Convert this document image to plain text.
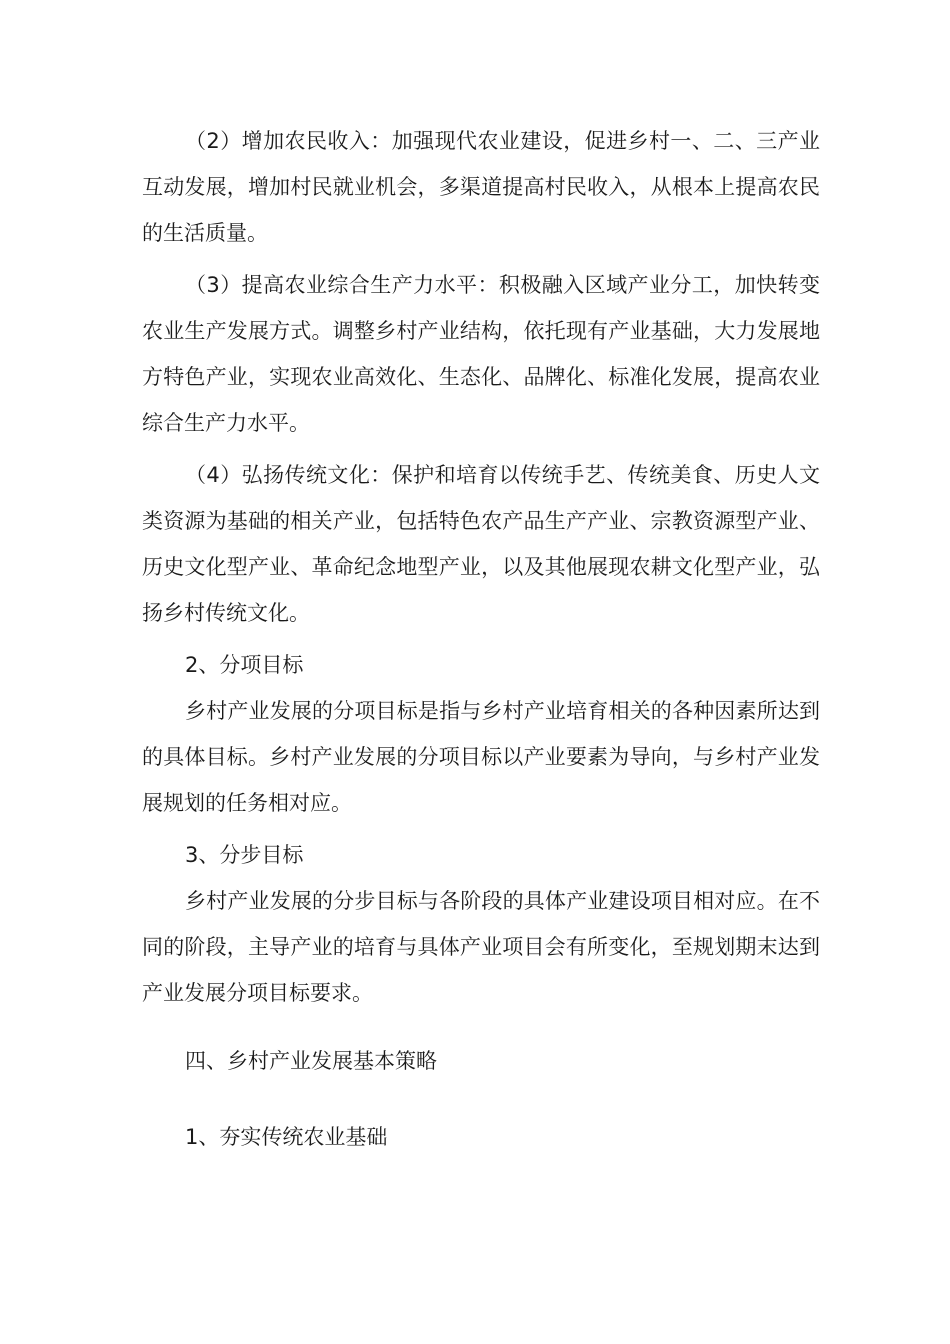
（2）增加农民收入：加强现代农业建设，促进乡村一、二、三产业互动发展，增加村民就业机会，多渠道提高村民收入，从根本上提高农民的生活质量。

（3）提高农业综合生产力水平：积极融入区域产业分工，加快转变农业生产发展方式。调整乡村产业结构，依托现有产业基础，大力发展地方特色产业，实现农业高效化、生态化、品牌化、标准化发展，提高农业综合生产力水平。

（4）弘扬传统文化：保护和培育以传统手艺、传统美食、历史人文类资源为基础的相关产业，包括特色农产品生产产业、宗教资源型产业、历史文化型产业、革命纪念地型产业，以及其他展现农耕文化型产业，弘扬乡村传统文化。

2、分项目标

乡村产业发展的分项目标是指与乡村产业培育相关的各种因素所达到的具体目标。乡村产业发展的分项目标以产业要素为导向，与乡村产业发展规划的任务相对应。

3、分步目标

乡村产业发展的分步目标与各阶段的具体产业建设项目相对应。在不同的阶段，主导产业的培育与具体产业项目会有所变化，至规划期末达到产业发展分项目标要求。

四、乡村产业发展基本策略

1、夯实传统农业基础
